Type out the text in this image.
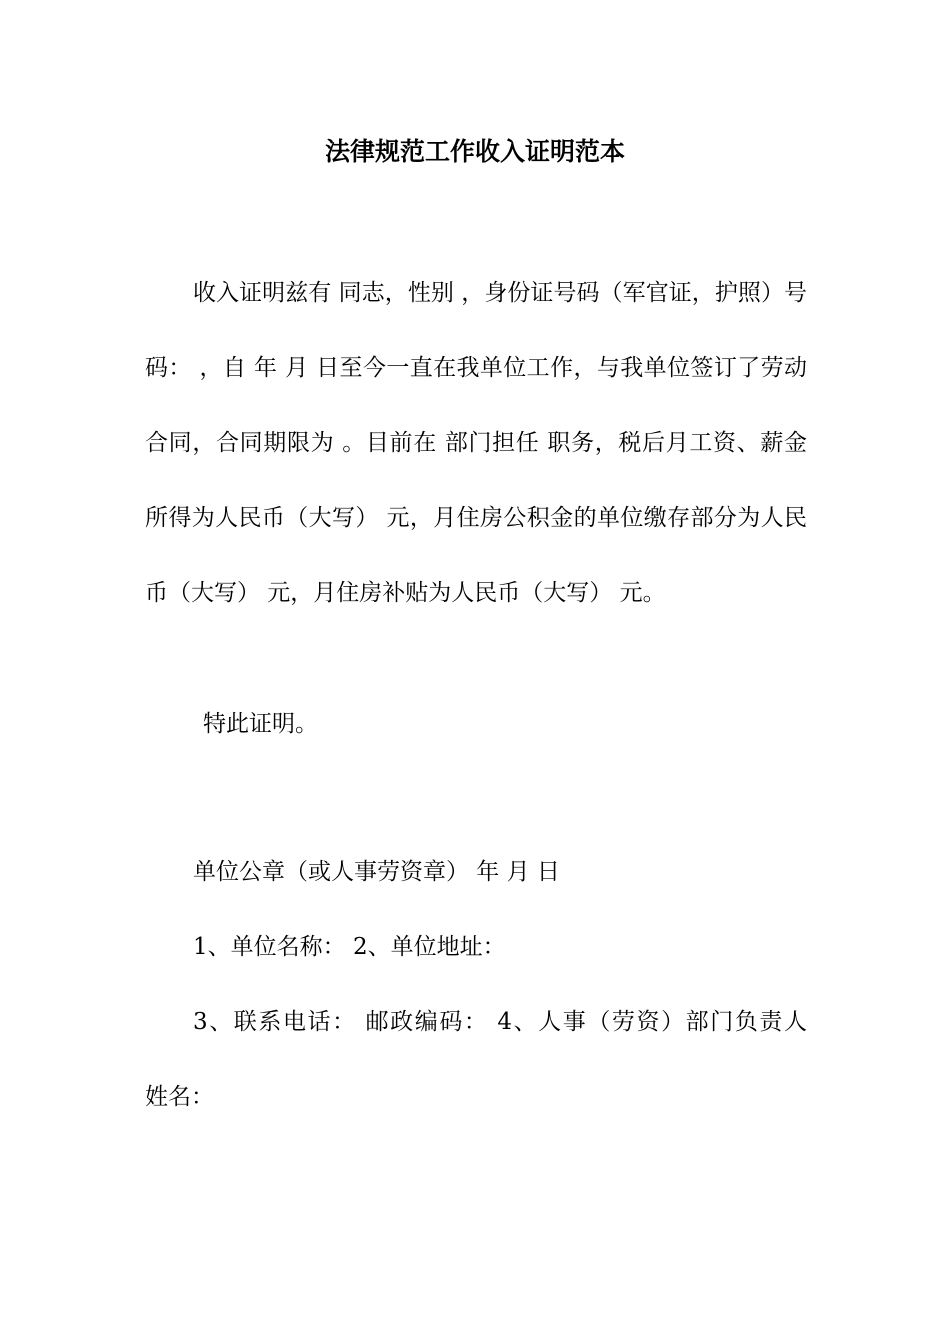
法律规范工作收入证明范本
收入证明兹有 同志，性别 ，身份证号码（军官证，护照）号码： ，自 年 月 日至今一直在我单位工作，与我单位签订了劳动合同，合同期限为 。目前在 部门担任 职务，税后月工资、薪金所得为人民币（大写） 元，月住房公积金的单位缴存部分为人民币（大写） 元，月住房补贴为人民币（大写） 元。
特此证明。
单位公章（或人事劳资章） 年 月 日
1、单位名称： 2、单位地址：
3、联系电话： 邮政编码： 4、人事（劳资）部门负责人
姓名：
